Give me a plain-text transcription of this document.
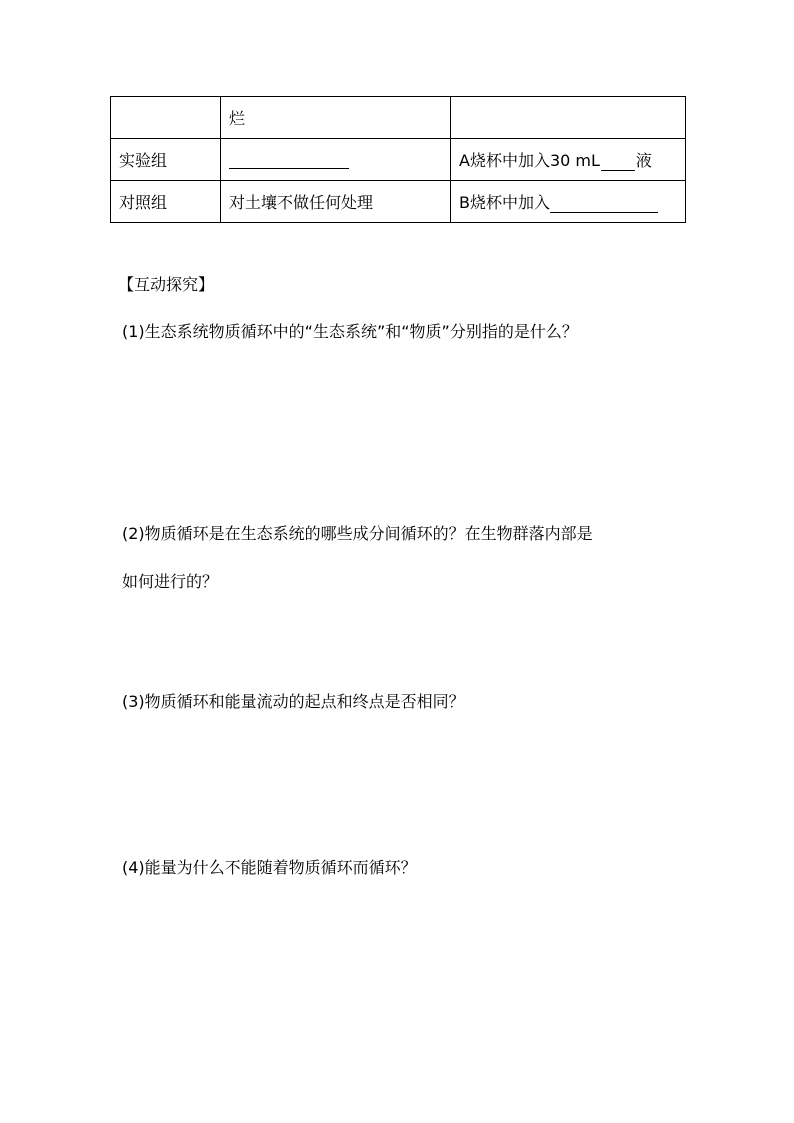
	烂	
实验组		A烧杯中加入30 mL 液
对照组	对土壤不做任何处理	B烧杯中加入
【互动探究】
(1)生态系统物质循环中的“生态系统”和“物质”分别指的是什么？
(2)物质循环是在生态系统的哪些成分间循环的？在生物群落内部是
如何进行的？
(3)物质循环和能量流动的起点和终点是否相同？
(4)能量为什么不能随着物质循环而循环？
